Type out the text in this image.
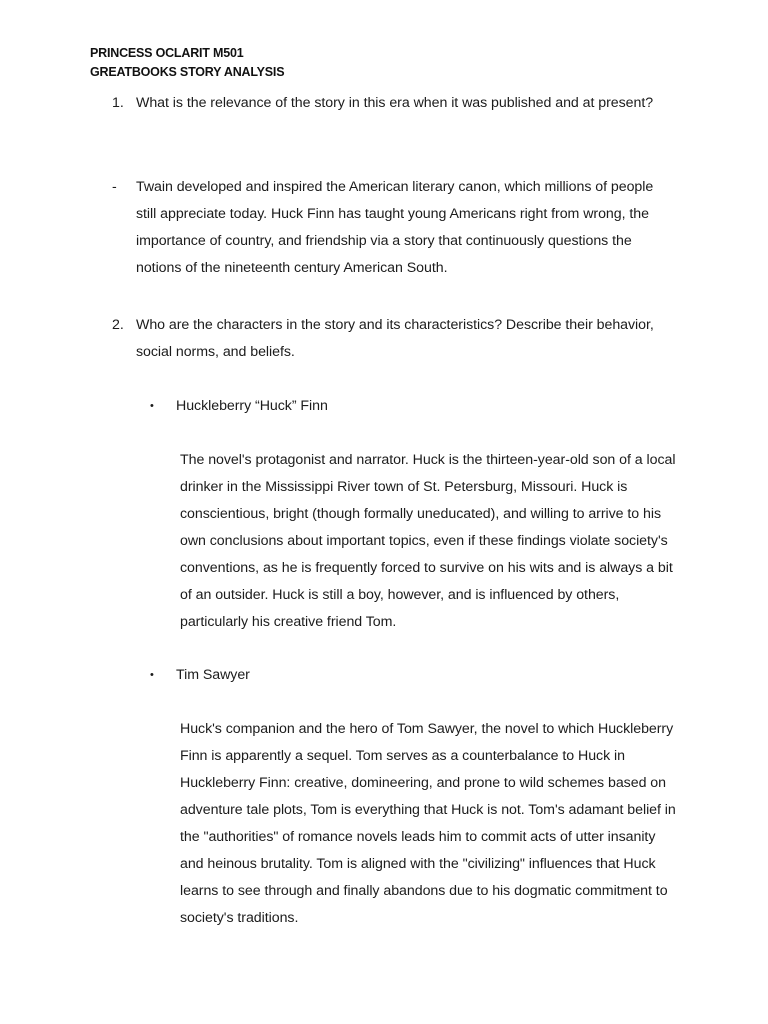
PRINCESS OCLARIT M501
GREATBOOKS STORY ANALYSIS
1. What is the relevance of the story in this era when it was published and at present?
- Twain developed and inspired the American literary canon, which millions of people still appreciate today. Huck Finn has taught young Americans right from wrong, the importance of country, and friendship via a story that continuously questions the notions of the nineteenth century American South.
2. Who are the characters in the story and its characteristics? Describe their behavior, social norms, and beliefs.
• Huckleberry “Huck” Finn
The novel's protagonist and narrator. Huck is the thirteen-year-old son of a local drinker in the Mississippi River town of St. Petersburg, Missouri. Huck is conscientious, bright (though formally uneducated), and willing to arrive to his own conclusions about important topics, even if these findings violate society's conventions, as he is frequently forced to survive on his wits and is always a bit of an outsider. Huck is still a boy, however, and is influenced by others, particularly his creative friend Tom.
• Tim Sawyer
Huck's companion and the hero of Tom Sawyer, the novel to which Huckleberry Finn is apparently a sequel. Tom serves as a counterbalance to Huck in Huckleberry Finn: creative, domineering, and prone to wild schemes based on adventure tale plots, Tom is everything that Huck is not. Tom's adamant belief in the "authorities" of romance novels leads him to commit acts of utter insanity and heinous brutality. Tom is aligned with the "civilizing" influences that Huck learns to see through and finally abandons due to his dogmatic commitment to society's traditions.
